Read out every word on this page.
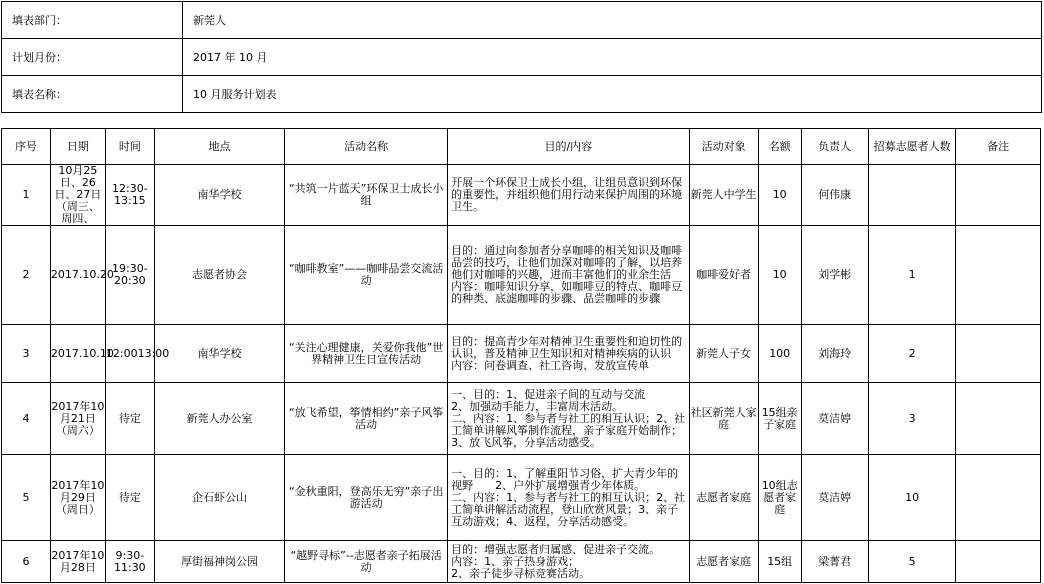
填表部门：	新莞人
计划月份：	2017 年 10 月
填表名称：	10 月服务计划表
序号	日期	时间	地点	活动名称	目的/内容	活动对象	名额	负责人	招募志愿者人数	备注
1	10月25日、26日、27日（周三、周四、	12:30-13:15	南华学校	“共筑一片蓝天”环保卫士成长小组	开展一个环保卫士成长小组，让组员意识到环保的重要性，并组织他们用行动来保护周围的环境卫生。	新莞人中学生	10	何伟康		
2	2017.10.20	19:30-20:30	志愿者协会	“咖啡教室”——咖啡品尝交流活动	目的：通过向参加者分享咖啡的相关知识及咖啡品尝的技巧，让他们加深对咖啡的了解，以培养他们对咖啡的兴趣，进而丰富他们的业余生活
内容：咖啡知识分享，如咖啡豆的特点、咖啡豆的种类、底滤咖啡的步骤、品尝咖啡的步骤	咖啡爱好者	10	刘学彬	1	
3	2017.10.10	12:0013:00	南华学校	“关注心理健康，关爱你我他”世界精神卫生日宣传活动	目的：提高青少年对精神卫生重要性和迫切性的认识，普及精神卫生知识和对精神疾病的认识　　内容：问卷调查、社工咨询、发放宣传单	新莞人子女	100	刘海玲	2	
4	2017年10月21日（周六）	待定	新莞人办公室	“放飞希望，筝情相约”亲子风筝活动	一、目的：1、促进亲子间的互动与交流
2、加强动手能力，丰富周末活动。
二、内容：1、参与者与社工的相互认识；2、社工简单讲解风筝制作流程，亲子家庭开始制作；3、放飞风筝，分享活动感受。	社区新莞人家庭	15组亲子家庭	莫洁婷	3	
5	2017年10月29日（周日）	待定	企石虾公山	“金秋重阳，登高乐无穷”亲子出游活动	一、目的：1、了解重阳节习俗，扩大青少年的视野　　2、户外扩展增强青少年体质。　　　　二、内容：1、参与者与社工的相互认识；2、社工简单讲解活动流程，登山欣赏风景；3、亲子互动游戏；4、返程，分享活动感受。	志愿者家庭	10组志愿者家庭	莫洁婷	10	
6	2017年10月28日	9:30-11:30	厚街福神岗公园	“越野寻标”--志愿者亲子拓展活动	目的：增强志愿者归属感、促进亲子交流。
内容：1、亲子热身游戏；
2、亲子徒步寻标竞赛活动。	志愿者家庭	15组	梁菁君	5	
